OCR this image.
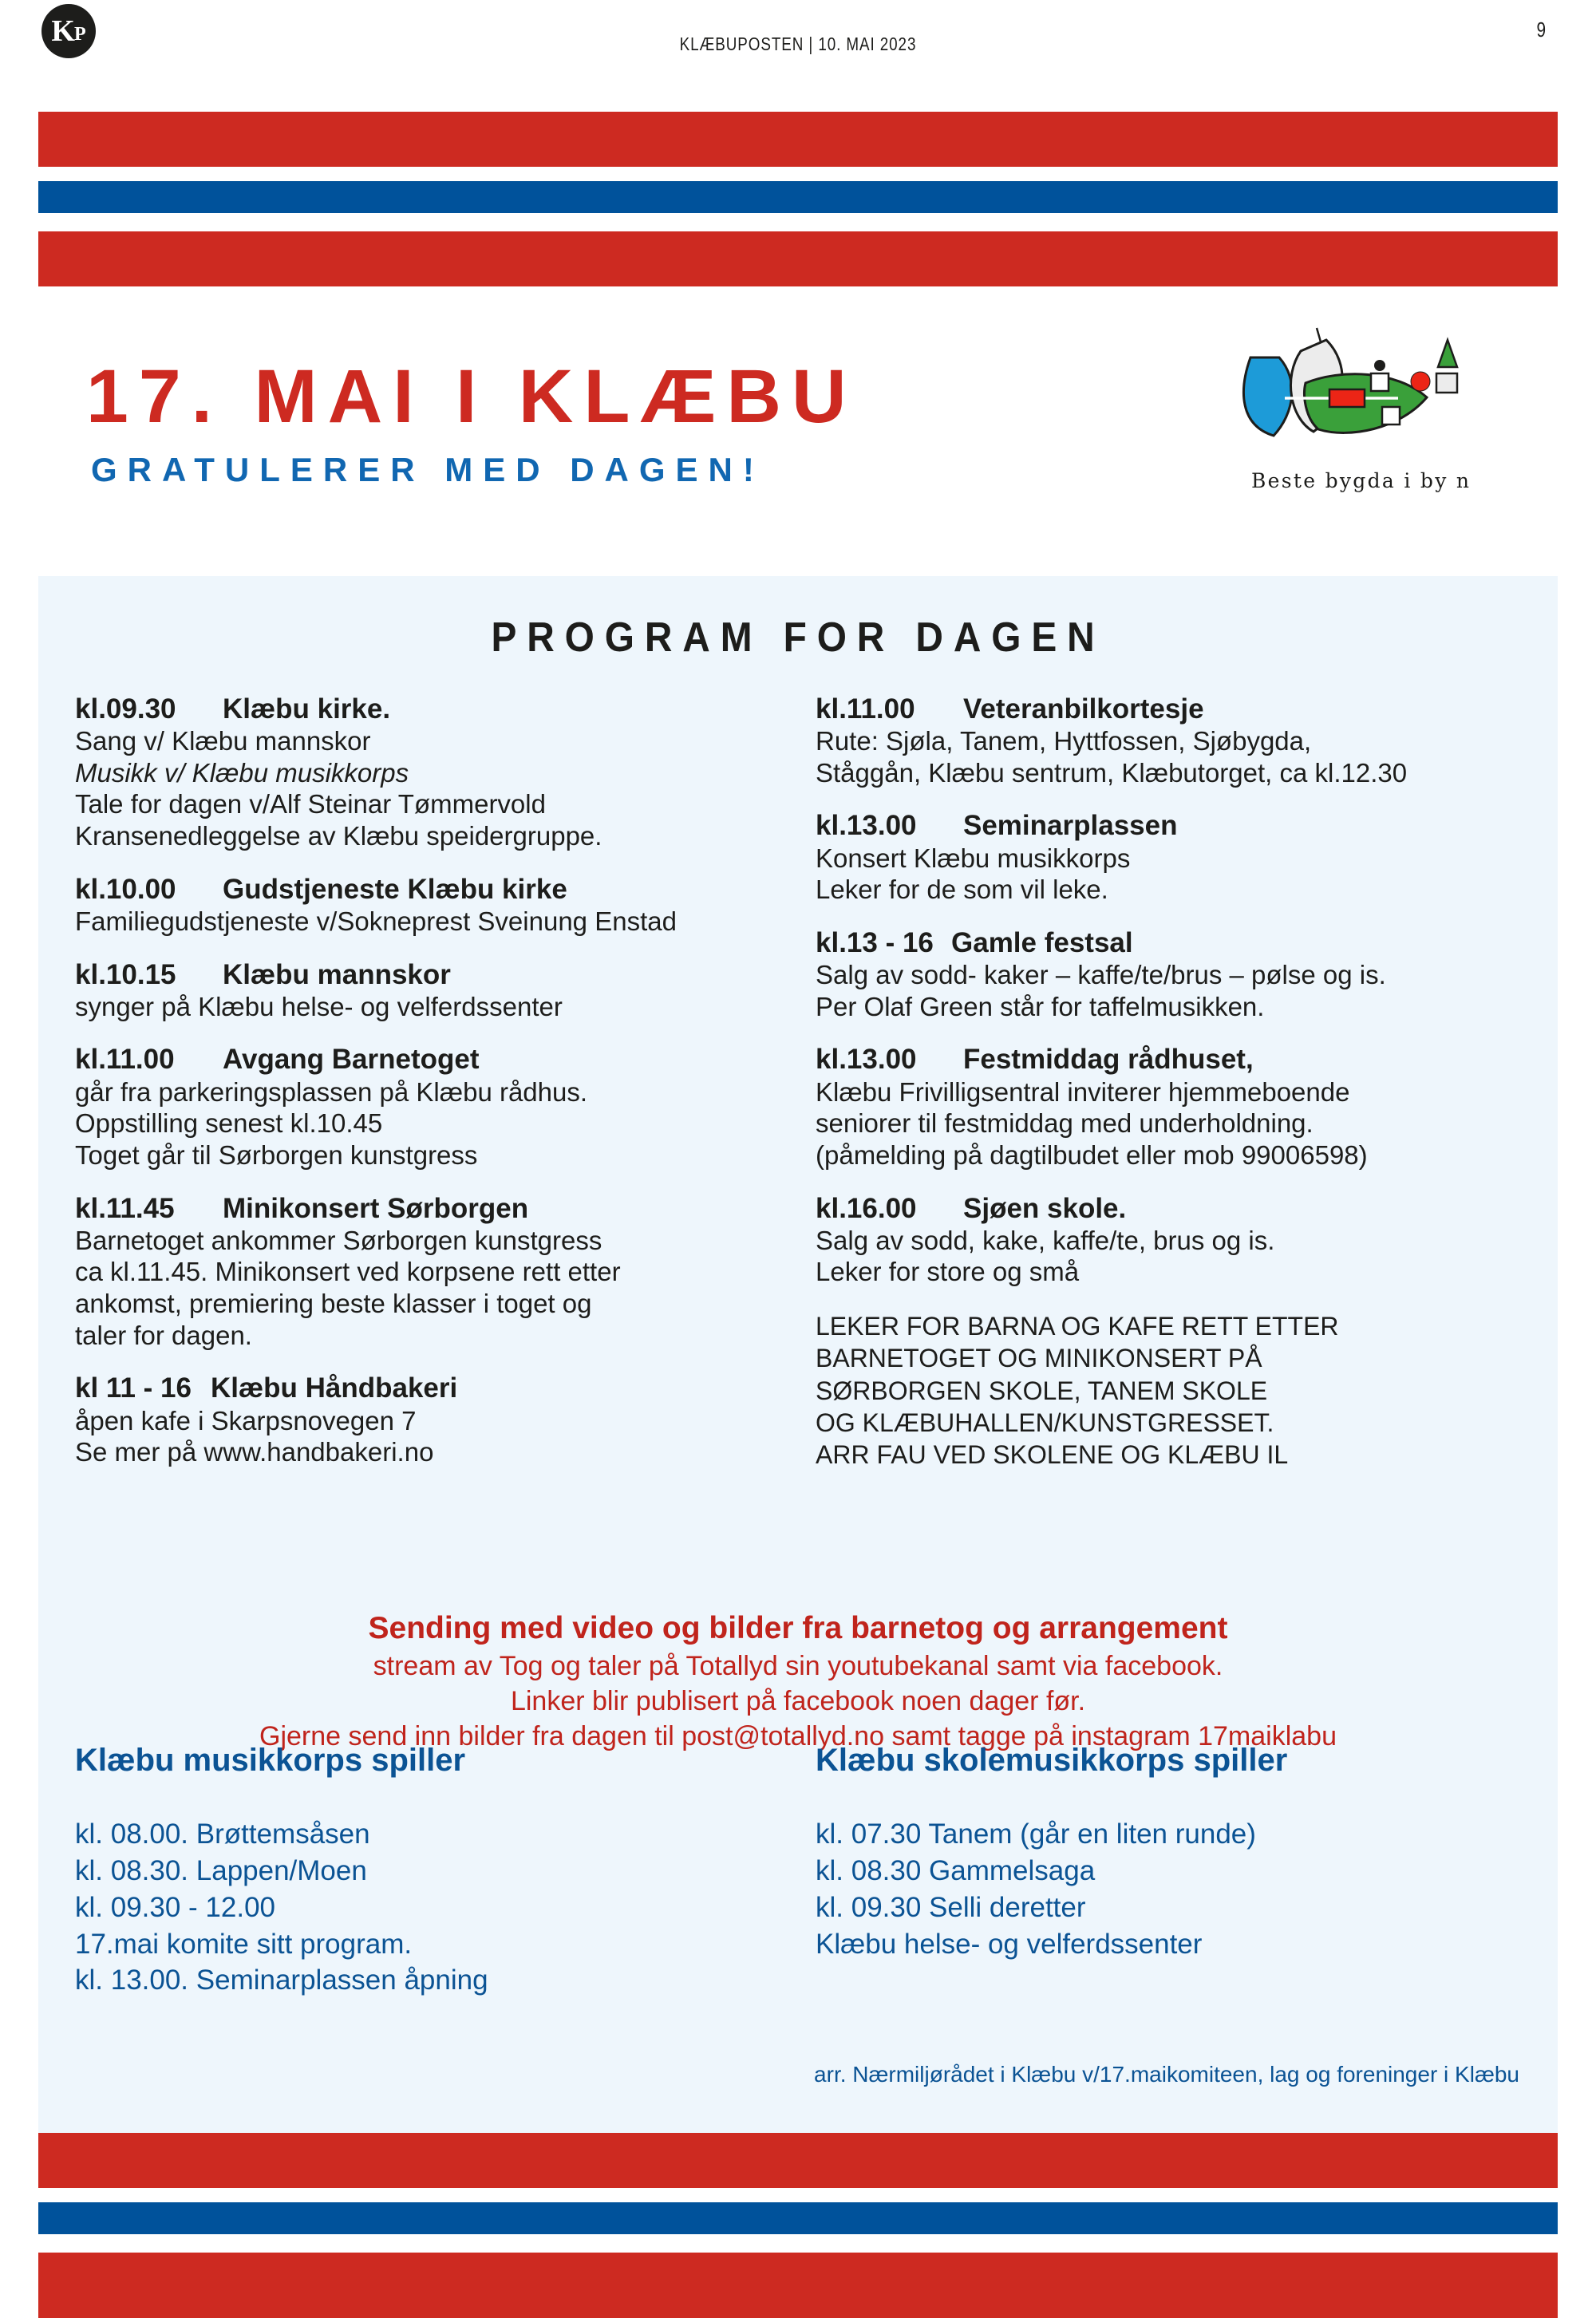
K P	KLÆBUPOSTEN | 10. MAI 2023
9
17. MAI I KLÆBU
GRATULERER MED DAGEN!	Beste bygda i by n
PROGRAM FOR DAGEN
kl.09.30 Klæbu kirke.
Sang v/ Klæbu mannskor
Musikk v/ Klæbu musikkorps
Tale for dagen v/Alf Steinar Tømmervold
Kransenedleggelse av Klæbu speidergruppe.
kl.10.00 Gudstjeneste Klæbu kirke
Familiegudstjeneste v/Sokneprest Sveinung Enstad
kl.10.15 Klæbu mannskor
synger på Klæbu helse- og velferdssenter
kl.11.00 Avgang Barnetoget
går fra parkeringsplassen på Klæbu rådhus.
Oppstilling senest kl.10.45
Toget går til Sørborgen kunstgress
kl.11.45 Minikonsert Sørborgen
Barnetoget ankommer Sørborgen kunstgress
ca kl.11.45. Minikonsert ved korpsene rett etter
ankomst, premiering beste klasser i toget og
taler for dagen.
kl 11 - 16 Klæbu Håndbakeri
åpen kafe i Skarpsnovegen 7
Se mer på www.handbakeri.no
kl.11.00 Veteranbilkortesje
Rute: Sjøla, Tanem, Hyttfossen, Sjøbygda,
Ståggån, Klæbu sentrum, Klæbutorget, ca kl.12.30
kl.13.00 Seminarplassen
Konsert Klæbu musikkorps
Leker for de som vil leke.
kl.13 - 16 Gamle festsal
Salg av sodd- kaker – kaffe/te/brus – pølse og is.
Per Olaf Green står for taffelmusikken.
kl.13.00 Festmiddag rådhuset,
Klæbu Frivilligsentral inviterer hjemmeboende
seniorer til festmiddag med underholdning.
(påmelding på dagtilbudet eller mob 99006598)
kl.16.00 Sjøen skole.
Salg av sodd, kake, kaffe/te, brus og is.
Leker for store og små
LEKER FOR BARNA OG KAFE RETT ETTER
BARNETOGET OG MINIKONSERT PÅ
SØRBORGEN SKOLE, TANEM SKOLE
OG KLÆBUHALLEN/KUNSTGRESSET.
ARR FAU VED SKOLENE OG KLÆBU IL
Sending med video og bilder fra barnetog og arrangement
stream av Tog og taler på Totallyd sin youtubekanal samt via facebook.
Linker blir publisert på facebook noen dager før.
Gjerne send inn bilder fra dagen til post@totallyd.no samt tagge på instagram 17maiklabu
Klæbu musikkorps spiller
kl. 08.00. Brøttemsåsen
kl. 08.30. Lappen/Moen
kl. 09.30 - 12.00
17.mai komite sitt program.
kl. 13.00. Seminarplassen åpning
Klæbu skolemusikkorps spiller
kl. 07.30 Tanem (går en liten runde)
kl. 08.30 Gammelsaga
kl. 09.30 Selli deretter
Klæbu helse- og velferdssenter
arr. Nærmiljørådet i Klæbu v/17.maikomiteen, lag og foreninger i Klæbu
